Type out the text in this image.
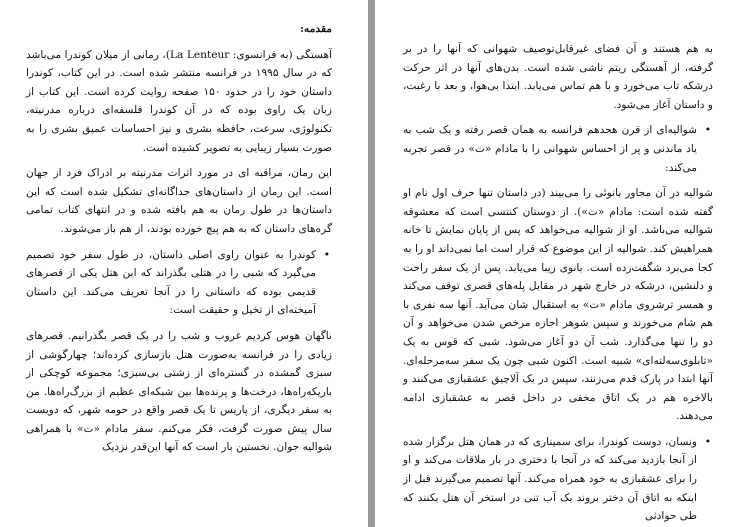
مقدمه:

آهستگی (به فرانسوی: La Lenteur)، رمانی از میلان کوندرا می‌باشد که در سال ۱۹۹۵ در فرانسه منتشر شده است. در این کتاب، کوندرا داستان خود را در حدود ۱۵۰ صفحه روایت کرده است. این کتاب از زبان یک راوی بوده که در آن کوندرا فلسفه‌ای درباره مدرنیته، تکنولوژی، سرعت، حافظه بشری و نیز احساسات عمیق بشری را به صورت بسیار زیبایی به تصویر کشیده است.

این رمان، مراقبه ای در مورد اثرات مدرنیته بر ادراک فرد از جهان است. این رمان از داستان‌های جداگانه‌ای تشکیل شده است که این داستان‌ها در طول رمان به هم بافته شده و در انتهای کتاب تمامی گره‌های داستان که به هم پیچ خورده بودند، از هم باز می‌شوند.

• کوندرا به عنوان راوی اصلی داستان، در طول سفر خود تصمیم می‌گیرد که شبی را در هتلی بگذراند که این هتل یکی از قصرهای قدیمی بوده که داستانی را در آنجا تعریف می‌کند. این داستان آمیخته‌ای از تخیل و حقیقت است:

ناگهان هوس کردیم غروب و شب را در یک قصر بگذرانیم. قصرهای زیادی را در فرانسه به‌صورت هتل بازسازی کرده‌اند؛ چهارگوشی از سبزی گمشده در گستره‌ای از زشتی بی‌سبزی؛ مجموعه کوچکی از باریکه‌راه‌ها، درخت‌ها و پرنده‌ها بین شبکه‌ای عظیم از بزرگ‌راه‌ها. من به سفر دیگری، از پاریس تا یک قصر واقع در حومه شهر، که دویست سال پیش صورت گرفت، فکر می‌کنم. سفر مادام «ت» با همراهی شوالیه جوان. نخستین بار است که آنها این‌قدر نزدیک

به هم هستند و آن فضای غیرقابل‌توصیف شهوانی که آنها را در بر گرفته، از آهستگی ریتم ناشی شده است. بدن‌های آنها در اثر حرکت درشکه تاب می‌خورد و با هم تماس می‌یابد. ابتدا بی‌هوا، و بعد با رغبت، و داستان آغاز می‌شود.

• شوالیه‌ای از قرن هجدهم فرانسه به همان قصر رفته و یک شب به یاد ماندنی و پر از احساس شهوانی را با مادام «ت» در قصر تجربه می‌کند:

شوالیه در آن مجاور بانوئی را می‌بیند (در داستان تنها حرف اول نام او گفته شده است: مادام «ت»). از دوستان کنتسی است که معشوقه شوالیه می‌باشد. او از شوالیه می‌خواهد که پس از پایان نمایش تا خانه همراهیش کند. شوالیه از این موضوع که قرار است اما نمی‌داند او را به کجا می‌برد شگفت‌زده است. بانوی زیبا می‌یابد. پس از یک سفر راحت و دلنشین، درشکه در خارج شهر در مقابل پله‌های قصری توقف می‌کند و همسر ترشروی مادام «ت» به استقبال شان می‌آید. آنها سه نفری با هم شام می‌خورند و سپس شوهر اجازه مرخص شدن می‌خواهد و آن دو را تنها می‌گذارد. شب آن دو آغاز می‌شود. شبی که قوس به یک «تابلوی‌سه‌لته‌ای» شبیه است. اکنون شبی چون یک سفر سه‌مرحله‌ای. آنها ابتدا در پارک قدم می‌زنند، سپس در یک آلاچیق عشقبازی می‌کنند و بالاخره هم در یک اتاق مخفی در داخل قصر به عشقبازی ادامه می‌دهند.

• ونسان، دوست کوندرا، برای سمیناری که در همان هتل برگزار شده از آنجا بازدید می‌کند که در آنجا با دختری در بار ملاقات می‌کند و او را برای عشقبازی به خود همراه می‌کند. آنها تصمیم می‌گیرند قبل از اینکه به اتاق آن دختر بروند یک آب تنی در استخر آن هتل بکنند که طی حوادثی
